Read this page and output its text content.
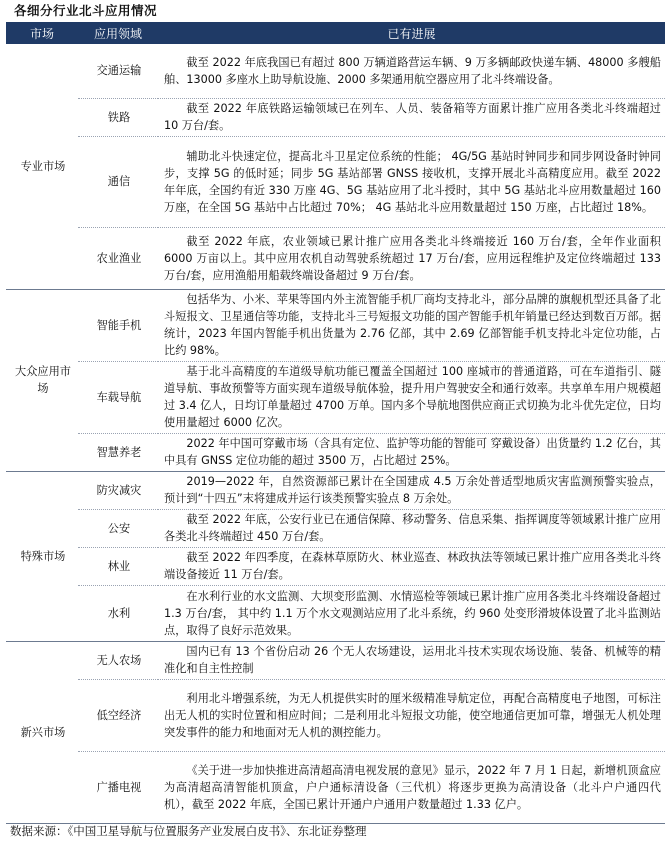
各细分行业北斗应用情况
市场	应用领域	已有进展
专业市场	交通运输	截至 2022 年底我国已有超过 800 万辆道路营运车辆、9 万多辆邮政快递车辆、48000 多艘船舶、13000 多座水上助导航设施、2000 多架通用航空器应用了北斗终端设备。
	铁路	截至 2022 年底铁路运输领域已在列车、人员、装备箱等方面累计推广应用各类北斗终端超过 10 万台/套。
	通信	辅助北斗快速定位，提高北斗卫星定位系统的性能； 4G/5G 基站时钟同步和同步网设备时钟同步，支撑 5G 的低时延；同步 5G 基站部署 GNSS 接收机，支撑开展北斗高精度应用。截至 2022 年年底，全国约有近 330 万座 4G、5G 基站应用了北斗授时，其中 5G 基站北斗应用数量超过 160 万座，在全国 5G 基站中占比超过 70%； 4G 基站北斗应用数量超过 150 万座，占比超过 18%。
	农业渔业	截至 2022 年底，农业领域已累计推广应用各类北斗终端接近 160 万台/套，全年作业面积 6000 万亩以上。其中应用农机自动驾驶系统超过 17 万台/套，应用远程维护及定位终端超过 133 万台/套，应用渔船用船载终端设备超过 9 万台/套。
大众应用市场	智能手机	包括华为、小米、苹果等国内外主流智能手机厂商均支持北斗，部分品牌的旗舰机型还具备了北斗短报文、卫星通信等功能，支持北斗三号短报文功能的国产智能手机年销量已经达到数百万部。据统计，2023 年国内智能手机出货量为 2.76 亿部，其中 2.69 亿部智能手机支持北斗定位功能，占比约 98%。
	车载导航	基于北斗高精度的车道级导航功能已覆盖全国超过 100 座城市的普通道路，可在车道指引、隧道导航、事故预警等方面实现车道级导航体验，提升用户驾驶安全和通行效率。共享单车用户规模超过 3.4 亿人，日均订单量超过 4700 万单。国内多个导航地图供应商正式切换为北斗优先定位，日均使用量超过 6000 亿次。
	智慧养老	2022 年中国可穿戴市场（含具有定位、监护等功能的智能可 穿戴设备）出货量约 1.2 亿台，其中具有 GNSS 定位功能的超过 3500 万，占比超过 25%。
特殊市场	防灾减灾	2019—2022 年，自然资源部已累计在全国建成 4.5 万余处普适型地质灾害监测预警实验点，预计到“十四五”末将建成并运行该类预警实验点 8 万余处。
	公安	截至 2022 年底，公安行业已在通信保障、移动警务、信息采集、指挥调度等领域累计推广应用各类北斗终端超过 450 万台/套。
	林业	截至 2022 年四季度，在森林草原防火、林业巡查、林政执法等领域已累计推广应用各类北斗终端设备接近 11 万台/套。
	水利	在水利行业的水文监测、大坝变形监测、水情巡检等领域已累计推广应用各类北斗终端设备超过 1.3 万台/套， 其中约 1.1 万个水文观测站应用了北斗系统，约 960 处变形滑坡体设置了北斗监测站点，取得了良好示范效果。
新兴市场	无人农场	国内已有 13 个省份启动 26 个无人农场建设，运用北斗技术实现农场设施、装备、机械等的精准化和自主性控制
	低空经济	利用北斗增强系统，为无人机提供实时的厘米级精准导航定位，再配合高精度电子地图，可标注出无人机的实时位置和相应时间；二是利用北斗短报文功能，使空地通信更加可靠，增强无人机处理突发事件的能力和地面对无人机的测控能力。
	广播电视	《关于进一步加快推进高清超高清电视发展的意见》显示，2022 年 7 月 1 日起，新增机顶盒应为高清超高清智能机顶盒，户户通标清设备（三代机）将逐步更换为高清设备（北斗户户通四代机），截至 2022 年底，全国已累计开通户户通用户数量超过 1.33 亿户。
数据来源：《中国卫星导航与位置服务产业发展白皮书》、东北证券整理
